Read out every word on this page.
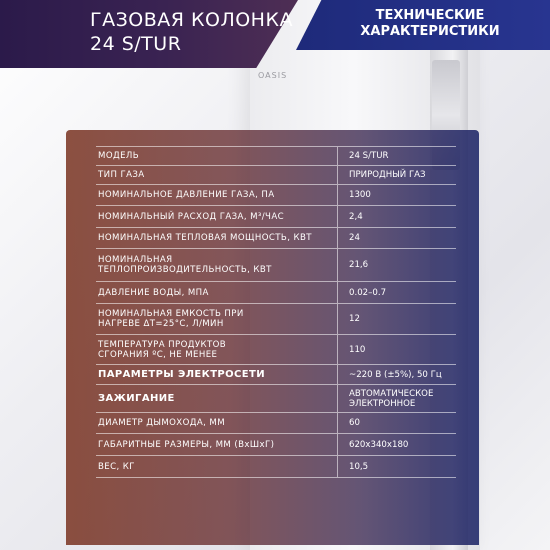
OASIS
ГАЗОВАЯ КОЛОНКА
24 S/TUR
ТЕХНИЧЕСКИЕ
ХАРАКТЕРИСТИКИ
МОДЕЛЬ	24 S/TUR
ТИП ГАЗА	ПРИРОДНЫЙ ГАЗ
НОМИНАЛЬНОЕ ДАВЛЕНИЕ ГАЗА, ПА	1300
НОМИНАЛЬНЫЙ РАСХОД ГАЗА, М³/ЧАС	2,4
НОМИНАЛЬНАЯ ТЕПЛОВАЯ МОЩНОСТЬ, КВТ	24
НОМИНАЛЬНАЯ
ТЕПЛОПРОИЗВОДИТЕЛЬНОСТЬ, КВТ	21,6
ДАВЛЕНИЕ ВОДЫ, МПА	0.02–0.7
НОМИНАЛЬНАЯ ЕМКОСТЬ ПРИ
НАГРЕВЕ ΔТ=25°С, Л/МИН	12
ТЕМПЕРАТУРА ПРОДУКТОВ
СГОРАНИЯ ºС, НЕ МЕНЕЕ	110
ПАРАМЕТРЫ ЭЛЕКТРОСЕТИ	~220 В (±5%), 50 Гц
ЗАЖИГАНИЕ	АВТОМАТИЧЕСКОЕ
ЭЛЕКТРОННОЕ
ДИАМЕТР ДЫМОХОДА, ММ	60
ГАБАРИТНЫЕ РАЗМЕРЫ, ММ (ВхШхГ)	620x340x180
ВЕС, КГ	10,5
